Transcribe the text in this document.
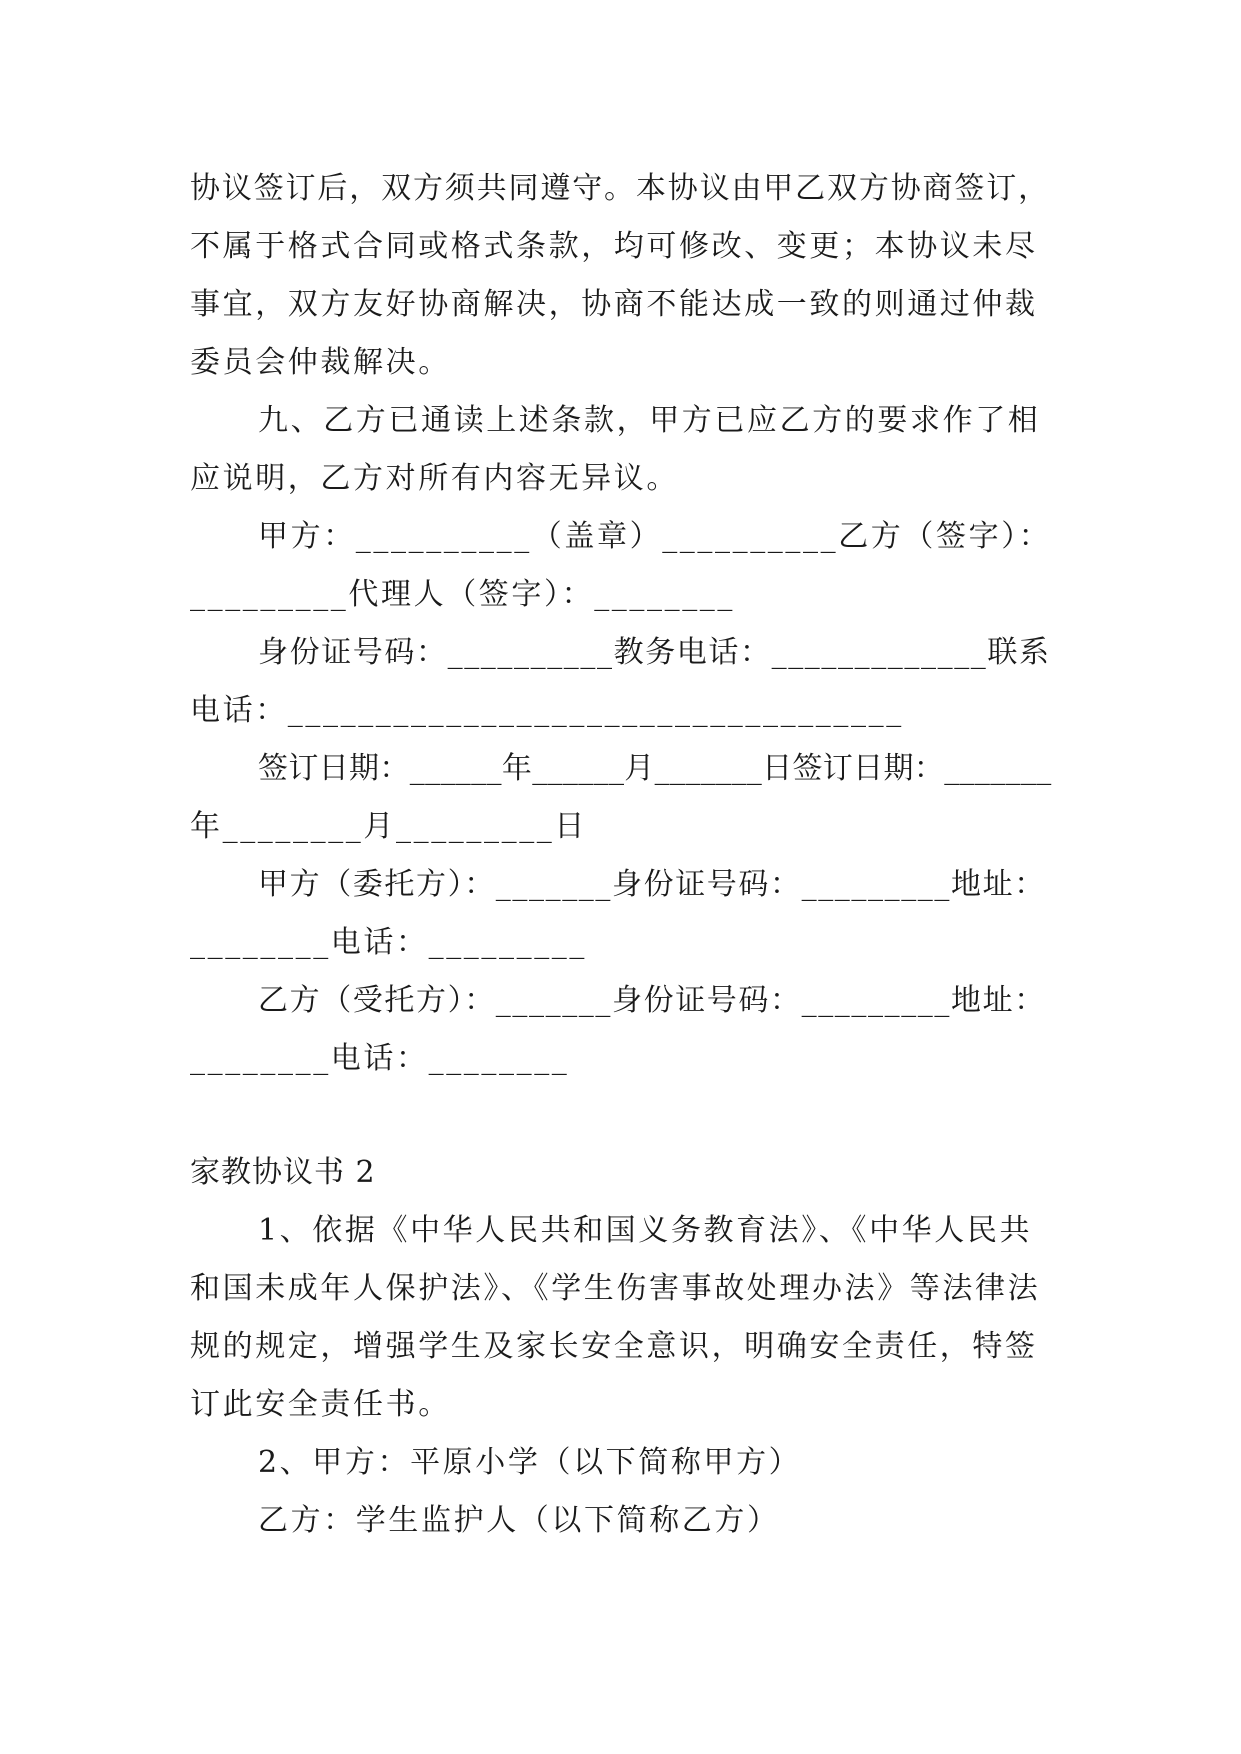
协议签订后，双方须共同遵守。本协议由甲乙双方协商签订，
不属于格式合同或格式条款，均可修改、变更；本协议未尽
事宜，双方友好协商解决，协商不能达成一致的则通过仲裁
委员会仲裁解决。
九、乙方已通读上述条款，甲方已应乙方的要求作了相
应说明，乙方对所有内容无异议。
甲方：__________（盖章）__________乙方（签字）：
_________代理人（签字）：________
身份证号码：__________教务电话：_____________联系
电话：___________________________________
签订日期：______年______月_______日签订日期：_______
年________月_________日
甲方（委托方）：_______身份证号码：_________地址：
________电话：_________
乙方（受托方）：_______身份证号码：_________地址：
________电话：________
家教协议书 2
1、依据《中华人民共和国义务教育法》、《中华人民共
和国未成年人保护法》、《学生伤害事故处理办法》等法律法
规的规定，增强学生及家长安全意识，明确安全责任，特签
订此安全责任书。
2、甲方：平原小学（以下简称甲方）
乙方：学生监护人（以下简称乙方）
